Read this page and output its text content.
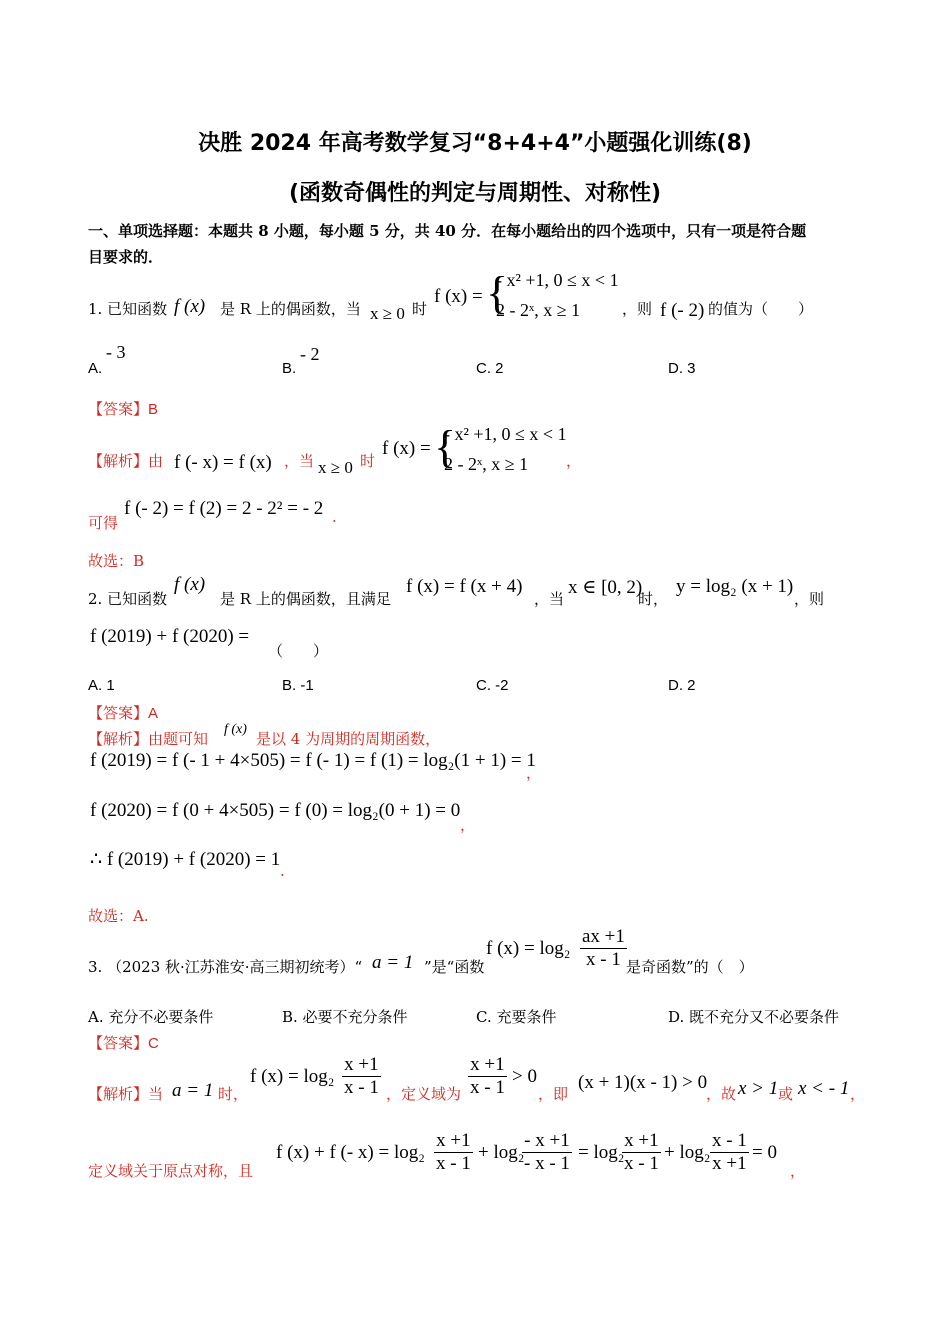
决胜 2024 年高考数学复习“8+4+4”小题强化训练(8)
(函数奇偶性的判定与周期性、对称性)
一、单项选择题：本题共 8 小题，每小题 5 分，共 40 分．在每小题给出的四个选项中，只有一项是符合题
目要求的．
1. 已知函数 f (x) 是 R 上的偶函数，当 x ≥ 0 时
f (x) = {
- x² +1, 0 ≤ x < 1
2 - 2ˣ, x ≥ 1	，则 f (- 2) 的值为（　　）
A.
- 3
B.
- 2
C. 2	D. 3
【答案】B
【解析】由 f (- x) = f (x) ，当 x ≥ 0 时
f (x) = {
- x² +1, 0 ≤ x < 1
2 - 2ˣ, x ≥ 1	，
可得
f (- 2) = f (2) = 2 - 2² = - 2 .
故选：B
2. 已知函数
f (x)
是 R 上的偶函数，且满足
f (x) = f (x + 4)
，当
x ∈ [0, 2)
时，
y = log₂ (x + 1)
，则
f (2019) + f (2020) =
（　　）
A. 1	B. -1	C. -2	D. 2
【答案】A
【解析】由题可知
f (x)
是以 4 为周期的周期函数，
f (2019) = f (- 1 + 4×505) = f (- 1) = f (1) = log₂(1 + 1) = 1
，
f (2020) = f (0 + 4×505) = f (0) = log₂(0 + 1) = 0
，
∴ f (2019) + f (2020) = 1
.
故选：A.
3. （2023 秋·江苏淮安·高三期初统考）“ a = 1 ”是“函数
f $(x) = \log_2 \frac{ax +1}{x - 1}$ 是奇函数”的（　）
A. 充分不必要条件	B. 必要不充分条件	C. 充要条件	D. 既不充分又不必要条件
【答案】C
【解析】当 a = 1 时，
f $(x) = \log_2 \frac{x +1}{x - 1}$ ，定义域为 $\frac{x +1}{x - 1} > 0$
，即
(x + 1)(x - 1) > 0
，故 x > 1 或 x < - 1 ，
定义域关于原点对称，且
f (x) + f (- $x) = \log_2 \frac{x +1}{x - 1} + \log_2$
$\frac{- x +1}{- x - 1} = \log_2$
$\frac{x +1}{x - 1} + \log_2 \frac{x - 1}{x +1} = 0$
，
